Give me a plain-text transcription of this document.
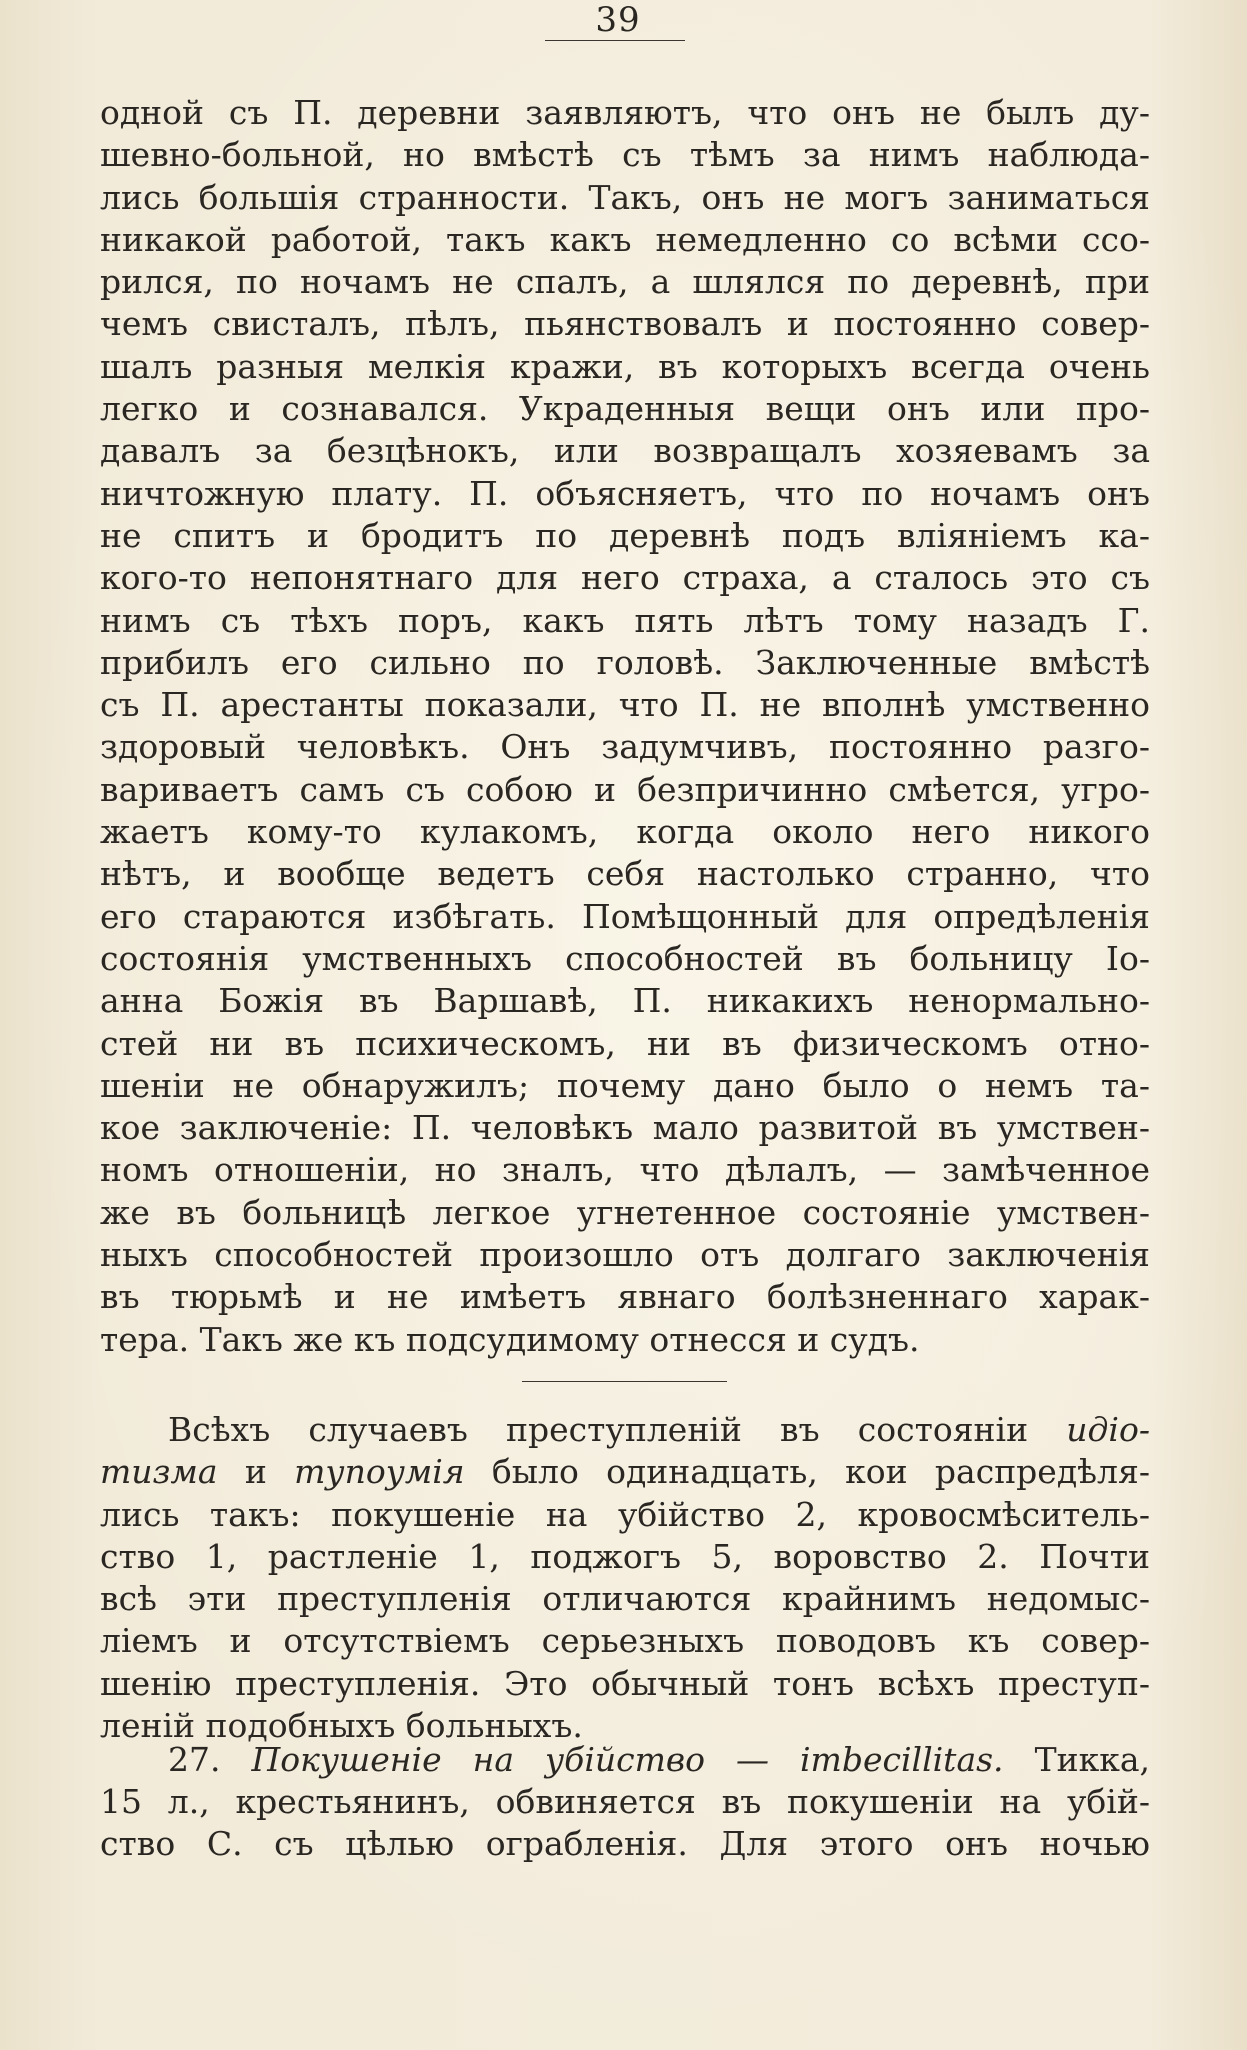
39
одной съ П. деревни заявляютъ, что онъ не былъ ду-
шевно-больной, но вмѣстѣ съ тѣмъ за нимъ наблюда-
лись большія странности. Такъ, онъ не могъ заниматься
никакой работой, такъ какъ немедленно со всѣми ссо-
рился, по ночамъ не спалъ, а шлялся по деревнѣ, при
чемъ свисталъ, пѣлъ, пьянствовалъ и постоянно совер-
шалъ разныя мелкія кражи, въ которыхъ всегда очень
легко и сознавался. Украденныя вещи онъ или про-
давалъ за безцѣнокъ, или возвращалъ хозяевамъ за
ничтожную плату. П. объясняетъ, что по ночамъ онъ
не спитъ и бродитъ по деревнѣ подъ вліяніемъ ка-
кого-то непонятнаго для него страха, а сталось это съ
нимъ съ тѣхъ поръ, какъ пять лѣтъ тому назадъ Г.
прибилъ его сильно по головѣ. Заключенные вмѣстѣ
съ П. арестанты показали, что П. не вполнѣ умственно
здоровый человѣкъ. Онъ задумчивъ, постоянно разго-
вариваетъ самъ съ собою и безпричинно смѣется, угро-
жаетъ кому-то кулакомъ, когда около него никого
нѣтъ, и вообще ведетъ себя настолько странно, что
его стараются избѣгать. Помѣщонный для опредѣленія
состоянія умственныхъ способностей въ больницу Іо-
анна Божія въ Варшавѣ, П. никакихъ ненормально-
стей ни въ психическомъ, ни въ физическомъ отно-
шеніи не обнаружилъ; почему дано было о немъ та-
кое заключеніе: П. человѣкъ мало развитой въ умствен-
номъ отношеніи, но зналъ, что дѣлалъ, — замѣченное
же въ больницѣ легкое угнетенное состояніе умствен-
ныхъ способностей произошло отъ долгаго заключенія
въ тюрьмѣ и не имѣетъ явнаго болѣзненнаго харак-
тера. Такъ же къ подсудимому отнесся и судъ.
Всѣхъ случаевъ преступленій въ состояніи идіо-
тизма и тупоумія было одинадцать, кои распредѣля-
лись такъ: покушеніе на убійство 2, кровосмѣситель-
ство 1, растленіе 1, поджогъ 5, воровство 2. Почти
всѣ эти преступленія отличаются крайнимъ недомыс-
ліемъ и отсутствіемъ серьезныхъ поводовъ къ совер-
шенію преступленія. Это обычный тонъ всѣхъ преступ-
леній подобныхъ больныхъ.
27. Покушеніе на убійство — imbecillitas. Тикка,
15 л., крестьянинъ, обвиняется въ покушеніи на убій-
ство С. съ цѣлью ограбленія. Для этого онъ ночью
